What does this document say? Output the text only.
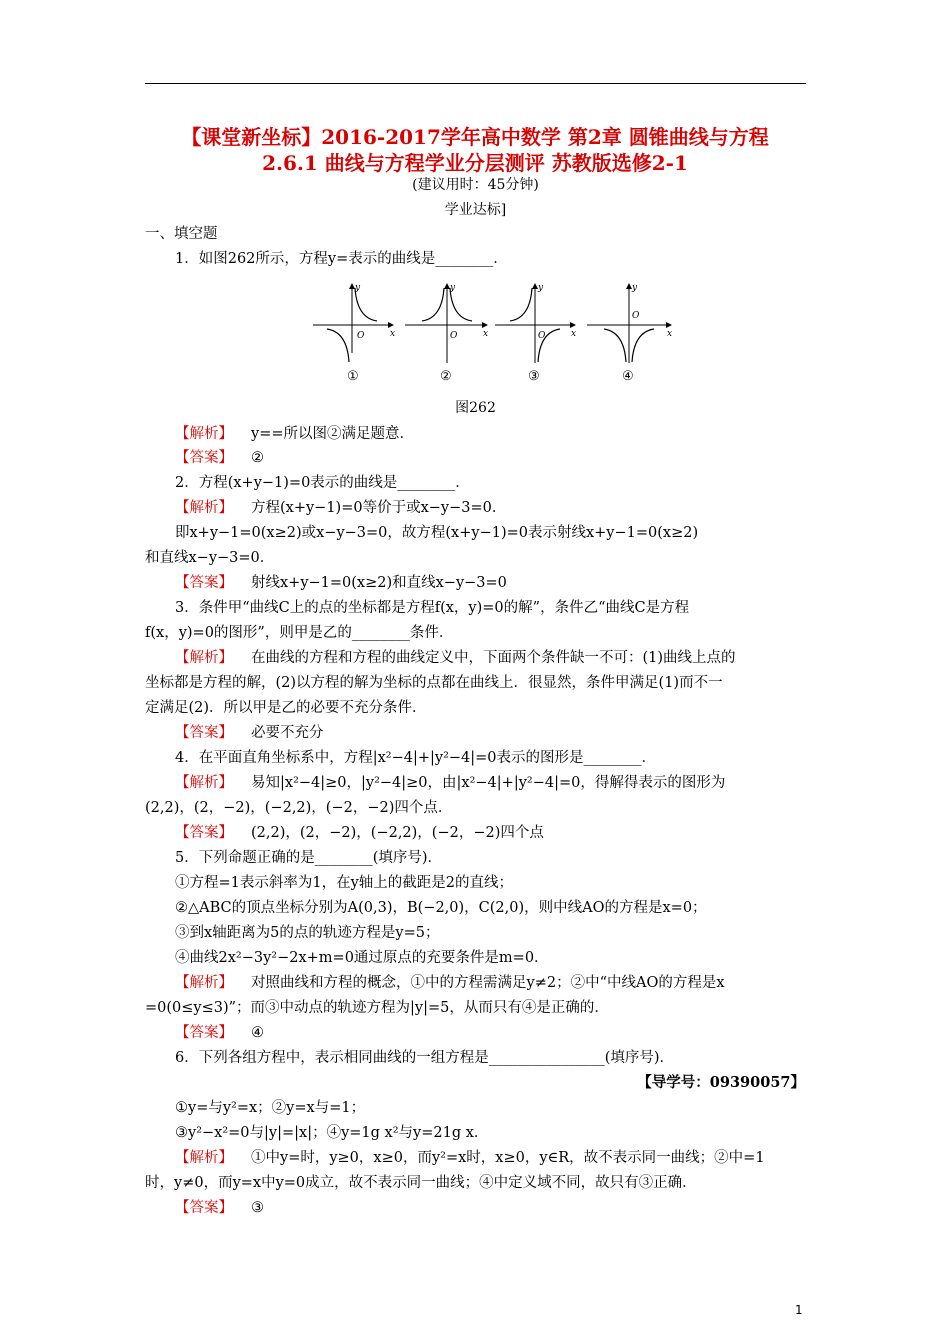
【课堂新坐标】2016-2017学年高中数学 第2章 圆锥曲线与方程
2.6.1 曲线与方程学业分层测评 苏教版选修2-1
(建议用时：45分钟)
学业达标]
一、填空题
1．如图262所示，方程y=表示的曲线是________．
y
x
O
①
y
x
O
②
y
x
O
③
y
x
O
④
图262
【解析】 y==所以图②满足题意．
【答案】 ②
2．方程(x+y−1)=0表示的曲线是________．
【解析】 方程(x+y−1)=0等价于或x−y−3=0．
即x+y−1=0(x≥2)或x−y−3=0，故方程(x+y−1)=0表示射线x+y−1=0(x≥2)
和直线x−y−3=0．
【答案】 射线x+y−1=0(x≥2)和直线x−y−3=0
3．条件甲“曲线C上的点的坐标都是方程f(x，y)=0的解”，条件乙“曲线C是方程
f(x，y)=0的图形”，则甲是乙的________条件．
【解析】 在曲线的方程和方程的曲线定义中，下面两个条件缺一不可：(1)曲线上点的
坐标都是方程的解，(2)以方程的解为坐标的点都在曲线上．很显然，条件甲满足(1)而不一
定满足(2)．所以甲是乙的必要不充分条件．
【答案】 必要不充分
4．在平面直角坐标系中，方程|x²−4|+|y²−4|=0表示的图形是________．
【解析】 易知|x²−4|≥0，|y²−4|≥0，由|x²−4|+|y²−4|=0，得解得表示的图形为
(2,2)，(2，−2)，(−2,2)，(−2，−2)四个点．
【答案】 (2,2)，(2，−2)，(−2,2)，(−2，−2)四个点
5．下列命题正确的是________(填序号)．
①方程=1表示斜率为1，在y轴上的截距是2的直线；
②△ABC的顶点坐标分别为A(0,3)，B(−2,0)，C(2,0)，则中线AO的方程是x=0；
③到x轴距离为5的点的轨迹方程是y=5；
④曲线2x²−3y²−2x+m=0通过原点的充要条件是m=0．
【解析】 对照曲线和方程的概念，①中的方程需满足y≠2；②中“中线AO的方程是x
=0(0≤y≤3)”；而③中动点的轨迹方程为|y|=5，从而只有④是正确的．
【答案】 ④
6．下列各组方程中，表示相同曲线的一组方程是________________(填序号)．
【导学号：09390057】
①y=与y²=x；②y=x与=1；
③y²−x²=0与|y|=|x|；④y=1g x²与y=21g x．
【解析】 ①中y=时，y≥0，x≥0，而y²=x时，x≥0，y∈R，故不表示同一曲线；②中=1
时，y≠0，而y=x中y=0成立，故不表示同一曲线；④中定义域不同，故只有③正确．
【答案】 ③
1
